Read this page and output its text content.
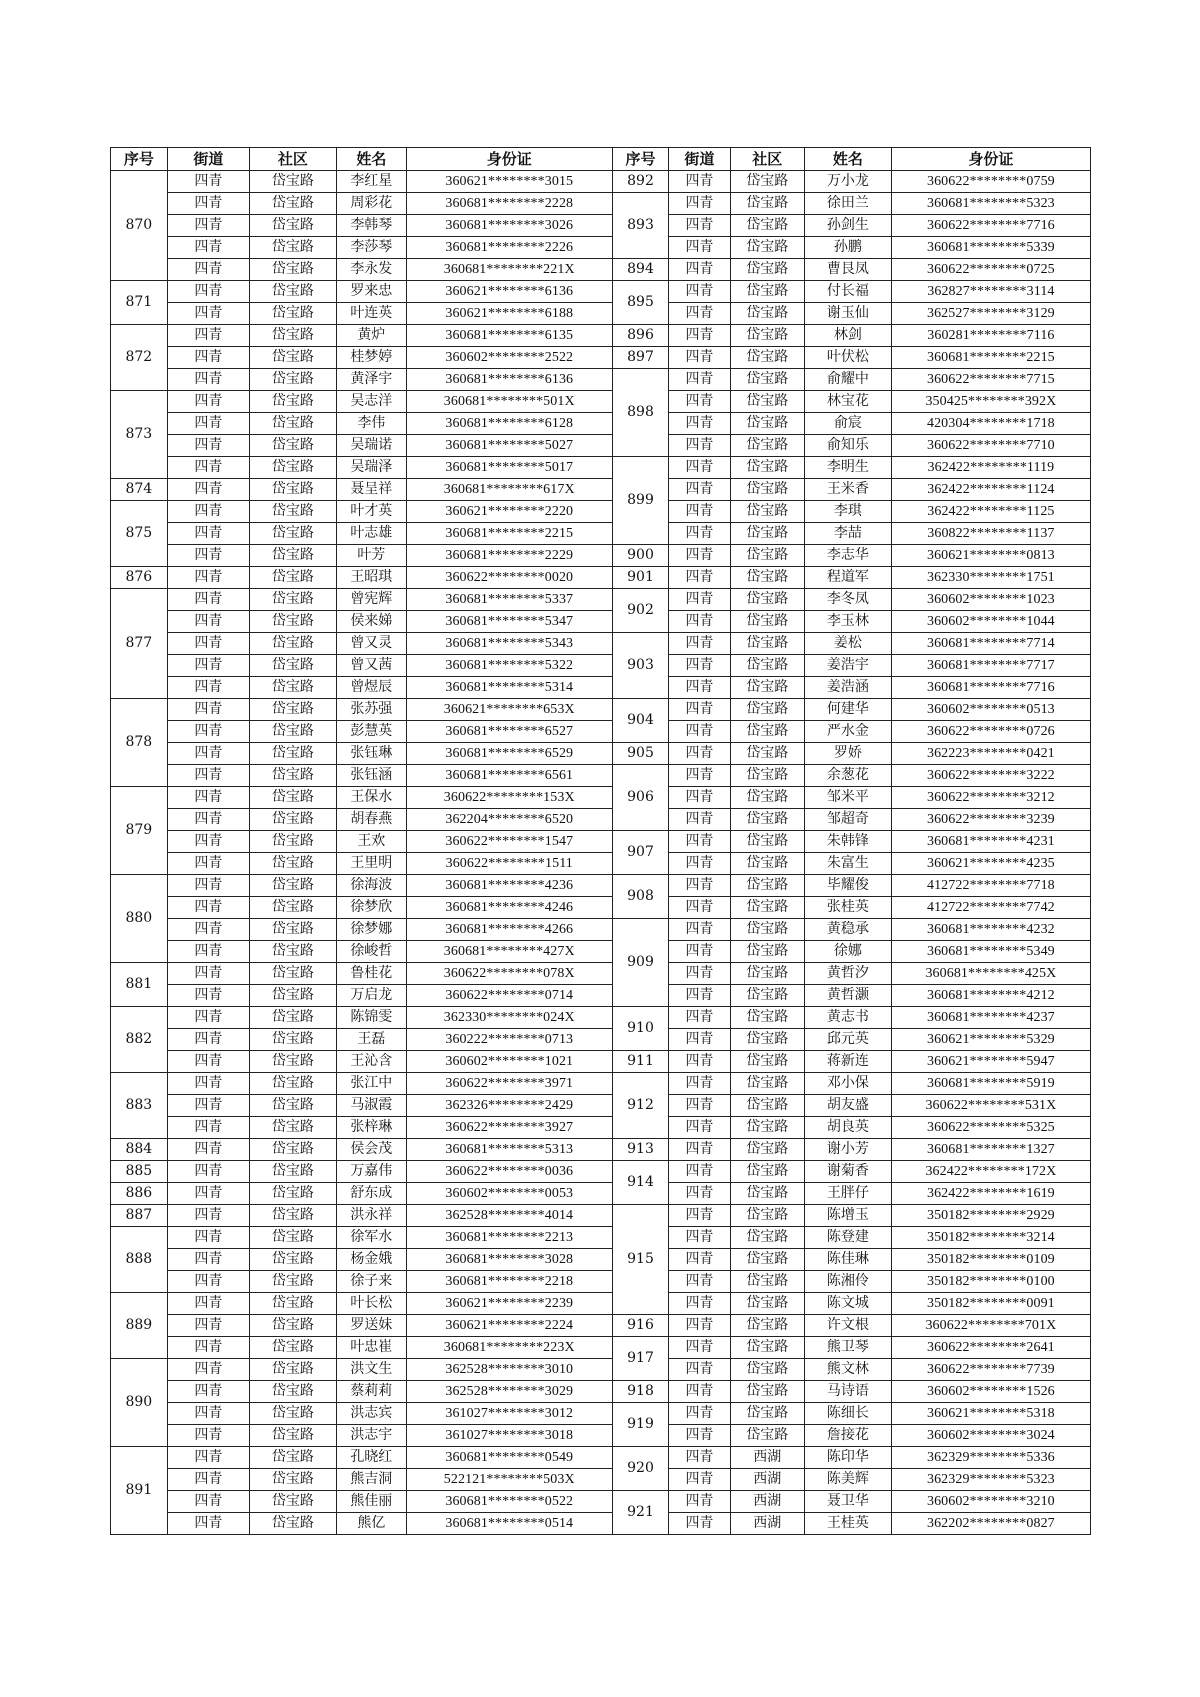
序号	街道	社区	姓名	身份证	序号	街道	社区	姓名	身份证
870	四青	岱宝路	李红星	360621********3015	892	四青	岱宝路	万小龙	360622********0759
	四青	岱宝路	周彩花	360681********2228	893	四青	岱宝路	徐田兰	360681********5323
	四青	岱宝路	李韩琴	360681********3026		四青	岱宝路	孙剑生	360622********7716
	四青	岱宝路	李莎琴	360681********2226		四青	岱宝路	孙鹏	360681********5339
	四青	岱宝路	李永发	360681********221X	894	四青	岱宝路	曹艮凤	360622********0725
871	四青	岱宝路	罗来忠	360621********6136	895	四青	岱宝路	付长福	362827********3114
	四青	岱宝路	叶连英	360621********6188		四青	岱宝路	谢玉仙	362527********3129
872	四青	岱宝路	黄炉	360681********6135	896	四青	岱宝路	林剑	360281********7116
	四青	岱宝路	桂梦婷	360602********2522	897	四青	岱宝路	叶伏松	360681********2215
	四青	岱宝路	黄泽宇	360681********6136	898	四青	岱宝路	俞耀中	360622********7715
873	四青	岱宝路	吴志洋	360681********501X		四青	岱宝路	林宝花	350425********392X
	四青	岱宝路	李伟	360681********6128		四青	岱宝路	俞宸	420304********1718
	四青	岱宝路	吴瑞诺	360681********5027		四青	岱宝路	俞知乐	360622********7710
	四青	岱宝路	吴瑞泽	360681********5017	899	四青	岱宝路	李明生	362422********1119
874	四青	岱宝路	聂呈祥	360681********617X		四青	岱宝路	王米香	362422********1124
875	四青	岱宝路	叶才英	360621********2220		四青	岱宝路	李琪	362422********1125
	四青	岱宝路	叶志雄	360681********2215		四青	岱宝路	李喆	360822********1137
	四青	岱宝路	叶芳	360681********2229	900	四青	岱宝路	李志华	360621********0813
876	四青	岱宝路	王昭琪	360622********0020	901	四青	岱宝路	程道军	362330********1751
877	四青	岱宝路	曾宪辉	360681********5337	902	四青	岱宝路	李冬凤	360602********1023
	四青	岱宝路	侯来娣	360681********5347		四青	岱宝路	李玉林	360602********1044
	四青	岱宝路	曾又灵	360681********5343	903	四青	岱宝路	姜松	360681********7714
	四青	岱宝路	曾又茜	360681********5322		四青	岱宝路	姜浩宇	360681********7717
	四青	岱宝路	曾煜辰	360681********5314		四青	岱宝路	姜浩涵	360681********7716
878	四青	岱宝路	张苏强	360621********653X	904	四青	岱宝路	何建华	360602********0513
	四青	岱宝路	彭慧英	360681********6527		四青	岱宝路	严水金	360622********0726
	四青	岱宝路	张钰琳	360681********6529	905	四青	岱宝路	罗娇	362223********0421
	四青	岱宝路	张钰涵	360681********6561	906	四青	岱宝路	余葱花	360622********3222
879	四青	岱宝路	王保水	360622********153X		四青	岱宝路	邹米平	360622********3212
	四青	岱宝路	胡春燕	362204********6520		四青	岱宝路	邹超奇	360622********3239
	四青	岱宝路	王欢	360622********1547	907	四青	岱宝路	朱韩锋	360681********4231
	四青	岱宝路	王里明	360622********1511		四青	岱宝路	朱富生	360621********4235
880	四青	岱宝路	徐海波	360681********4236	908	四青	岱宝路	毕耀俊	412722********7718
	四青	岱宝路	徐梦欣	360681********4246		四青	岱宝路	张桂英	412722********7742
	四青	岱宝路	徐梦娜	360681********4266	909	四青	岱宝路	黄稳承	360681********4232
	四青	岱宝路	徐峻哲	360681********427X		四青	岱宝路	徐娜	360681********5349
881	四青	岱宝路	鲁桂花	360622********078X		四青	岱宝路	黄哲汐	360681********425X
	四青	岱宝路	万启龙	360622********0714		四青	岱宝路	黄哲灏	360681********4212
882	四青	岱宝路	陈锦雯	362330********024X	910	四青	岱宝路	黄志书	360681********4237
	四青	岱宝路	王磊	360222********0713		四青	岱宝路	邱元英	360621********5329
	四青	岱宝路	王沁含	360602********1021	911	四青	岱宝路	蒋新连	360621********5947
883	四青	岱宝路	张江中	360622********3971	912	四青	岱宝路	邓小保	360681********5919
	四青	岱宝路	马淑霞	362326********2429		四青	岱宝路	胡友盛	360622********531X
	四青	岱宝路	张梓琳	360622********3927		四青	岱宝路	胡良英	360622********5325
884	四青	岱宝路	侯会茂	360681********5313	913	四青	岱宝路	谢小芳	360681********1327
885	四青	岱宝路	万嘉伟	360622********0036	914	四青	岱宝路	谢菊香	362422********172X
886	四青	岱宝路	舒东成	360602********0053		四青	岱宝路	王胖仔	362422********1619
887	四青	岱宝路	洪永祥	362528********4014	915	四青	岱宝路	陈增玉	350182********2929
888	四青	岱宝路	徐军水	360681********2213		四青	岱宝路	陈登建	350182********3214
	四青	岱宝路	杨金娥	360681********3028		四青	岱宝路	陈佳琳	350182********0109
	四青	岱宝路	徐子来	360681********2218		四青	岱宝路	陈湘伶	350182********0100
889	四青	岱宝路	叶长松	360621********2239		四青	岱宝路	陈文城	350182********0091
	四青	岱宝路	罗送妹	360621********2224	916	四青	岱宝路	许文根	360622********701X
	四青	岱宝路	叶忠崔	360681********223X	917	四青	岱宝路	熊卫琴	360622********2641
890	四青	岱宝路	洪文生	362528********3010		四青	岱宝路	熊文林	360622********7739
	四青	岱宝路	蔡莉莉	362528********3029	918	四青	岱宝路	马诗语	360602********1526
	四青	岱宝路	洪志宾	361027********3012	919	四青	岱宝路	陈细长	360621********5318
	四青	岱宝路	洪志宇	361027********3018		四青	岱宝路	詹接花	360602********3024
891	四青	岱宝路	孔晓红	360681********0549	920	四青	西湖	陈印华	362329********5336
	四青	岱宝路	熊吉洞	522121********503X		四青	西湖	陈美辉	362329********5323
	四青	岱宝路	熊佳丽	360681********0522	921	四青	西湖	聂卫华	360602********3210
	四青	岱宝路	熊亿	360681********0514		四青	西湖	王桂英	362202********0827
